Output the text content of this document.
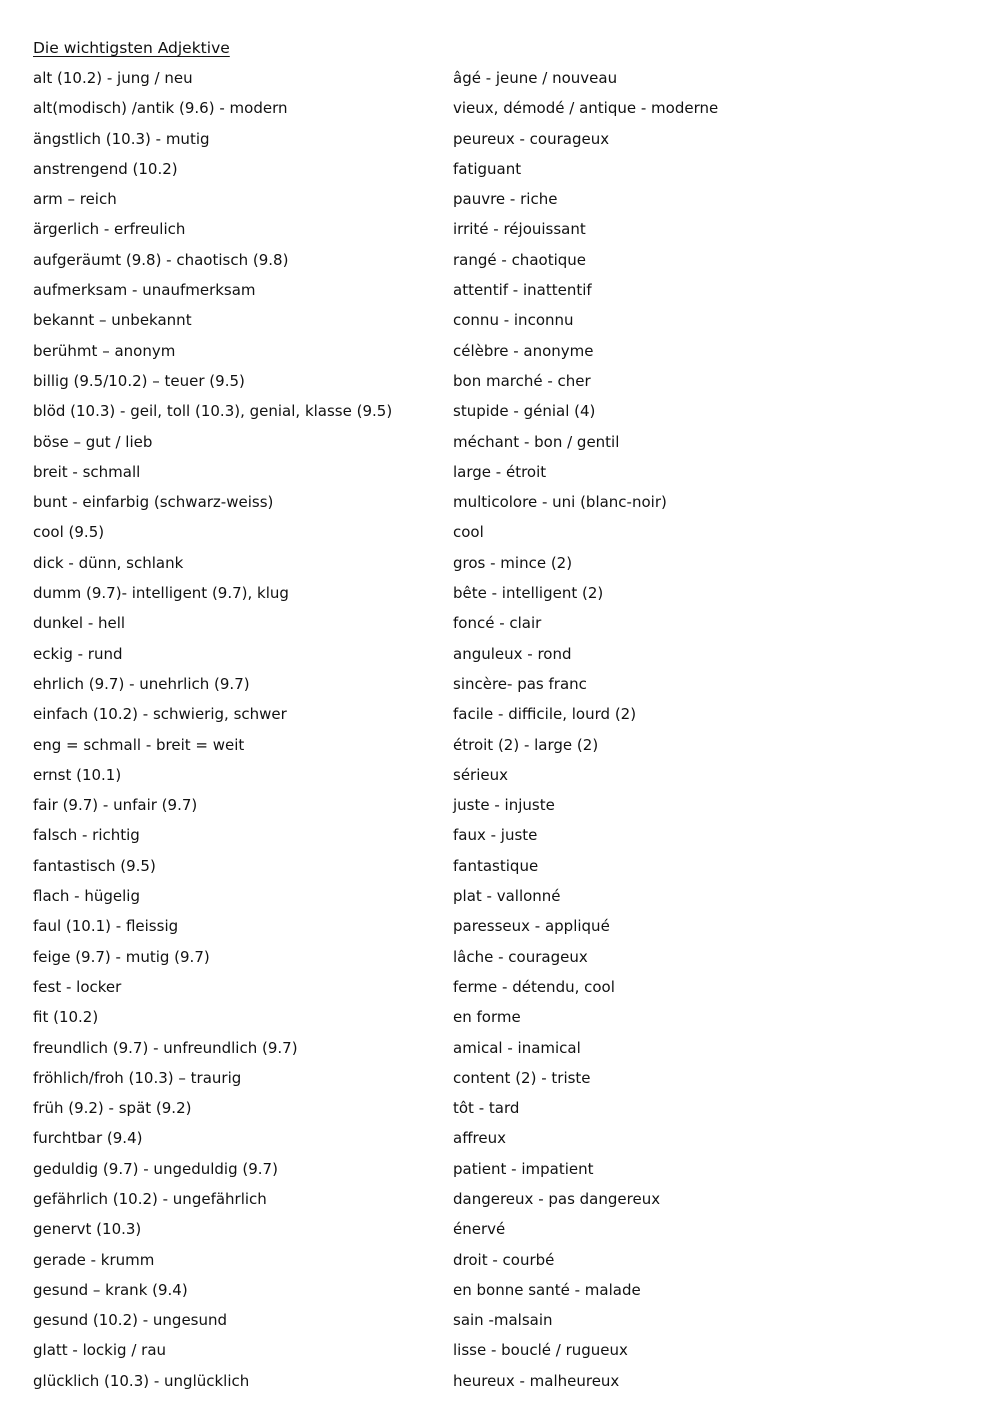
Die wichtigsten Adjektive
alt (10.2) - jung / neu	âgé - jeune / nouveau
alt(modisch) /antik (9.6) - modern	vieux, démodé / antique - moderne
ängstlich (10.3) - mutig	peureux - courageux
anstrengend (10.2)	fatiguant
arm – reich	pauvre - riche
ärgerlich - erfreulich	irrité - réjouissant
aufgeräumt (9.8) - chaotisch (9.8)	rangé - chaotique
aufmerksam - unaufmerksam	attentif - inattentif
bekannt – unbekannt	connu - inconnu
berühmt – anonym	célèbre - anonyme
billig (9.5/10.2) – teuer (9.5)	bon marché - cher
blöd (10.3) - geil, toll (10.3), genial, klasse (9.5)	stupide - génial (4)
böse – gut / lieb	méchant - bon / gentil
breit - schmall	large - étroit
bunt - einfarbig (schwarz-weiss)	multicolore - uni (blanc-noir)
cool (9.5)	cool
dick - dünn, schlank	gros - mince (2)
dumm (9.7)- intelligent (9.7), klug	bête - intelligent (2)
dunkel - hell	foncé - clair
eckig - rund	anguleux - rond
ehrlich (9.7) - unehrlich (9.7)	sincère- pas franc
einfach (10.2) - schwierig, schwer	facile - difficile, lourd (2)
eng = schmall - breit = weit	étroit (2) - large (2)
ernst (10.1)	sérieux
fair (9.7) - unfair (9.7)	juste - injuste
falsch - richtig	faux - juste
fantastisch (9.5)	fantastique
flach - hügelig	plat - vallonné
faul (10.1) - fleissig	paresseux - appliqué
feige (9.7) - mutig (9.7)	lâche - courageux
fest - locker	ferme - détendu, cool
fit (10.2)	en forme
freundlich (9.7) - unfreundlich (9.7)	amical - inamical
fröhlich/froh (10.3) – traurig	content (2) - triste
früh (9.2) - spät (9.2)	tôt - tard
furchtbar (9.4)	affreux
geduldig (9.7) - ungeduldig (9.7)	patient - impatient
gefährlich (10.2) - ungefährlich	dangereux - pas dangereux
genervt (10.3)	énervé
gerade - krumm	droit - courbé
gesund – krank (9.4)	en bonne santé - malade
gesund (10.2) - ungesund	sain -malsain
glatt - lockig / rau	lisse - bouclé / rugueux
glücklich (10.3) - unglücklich	heureux - malheureux
